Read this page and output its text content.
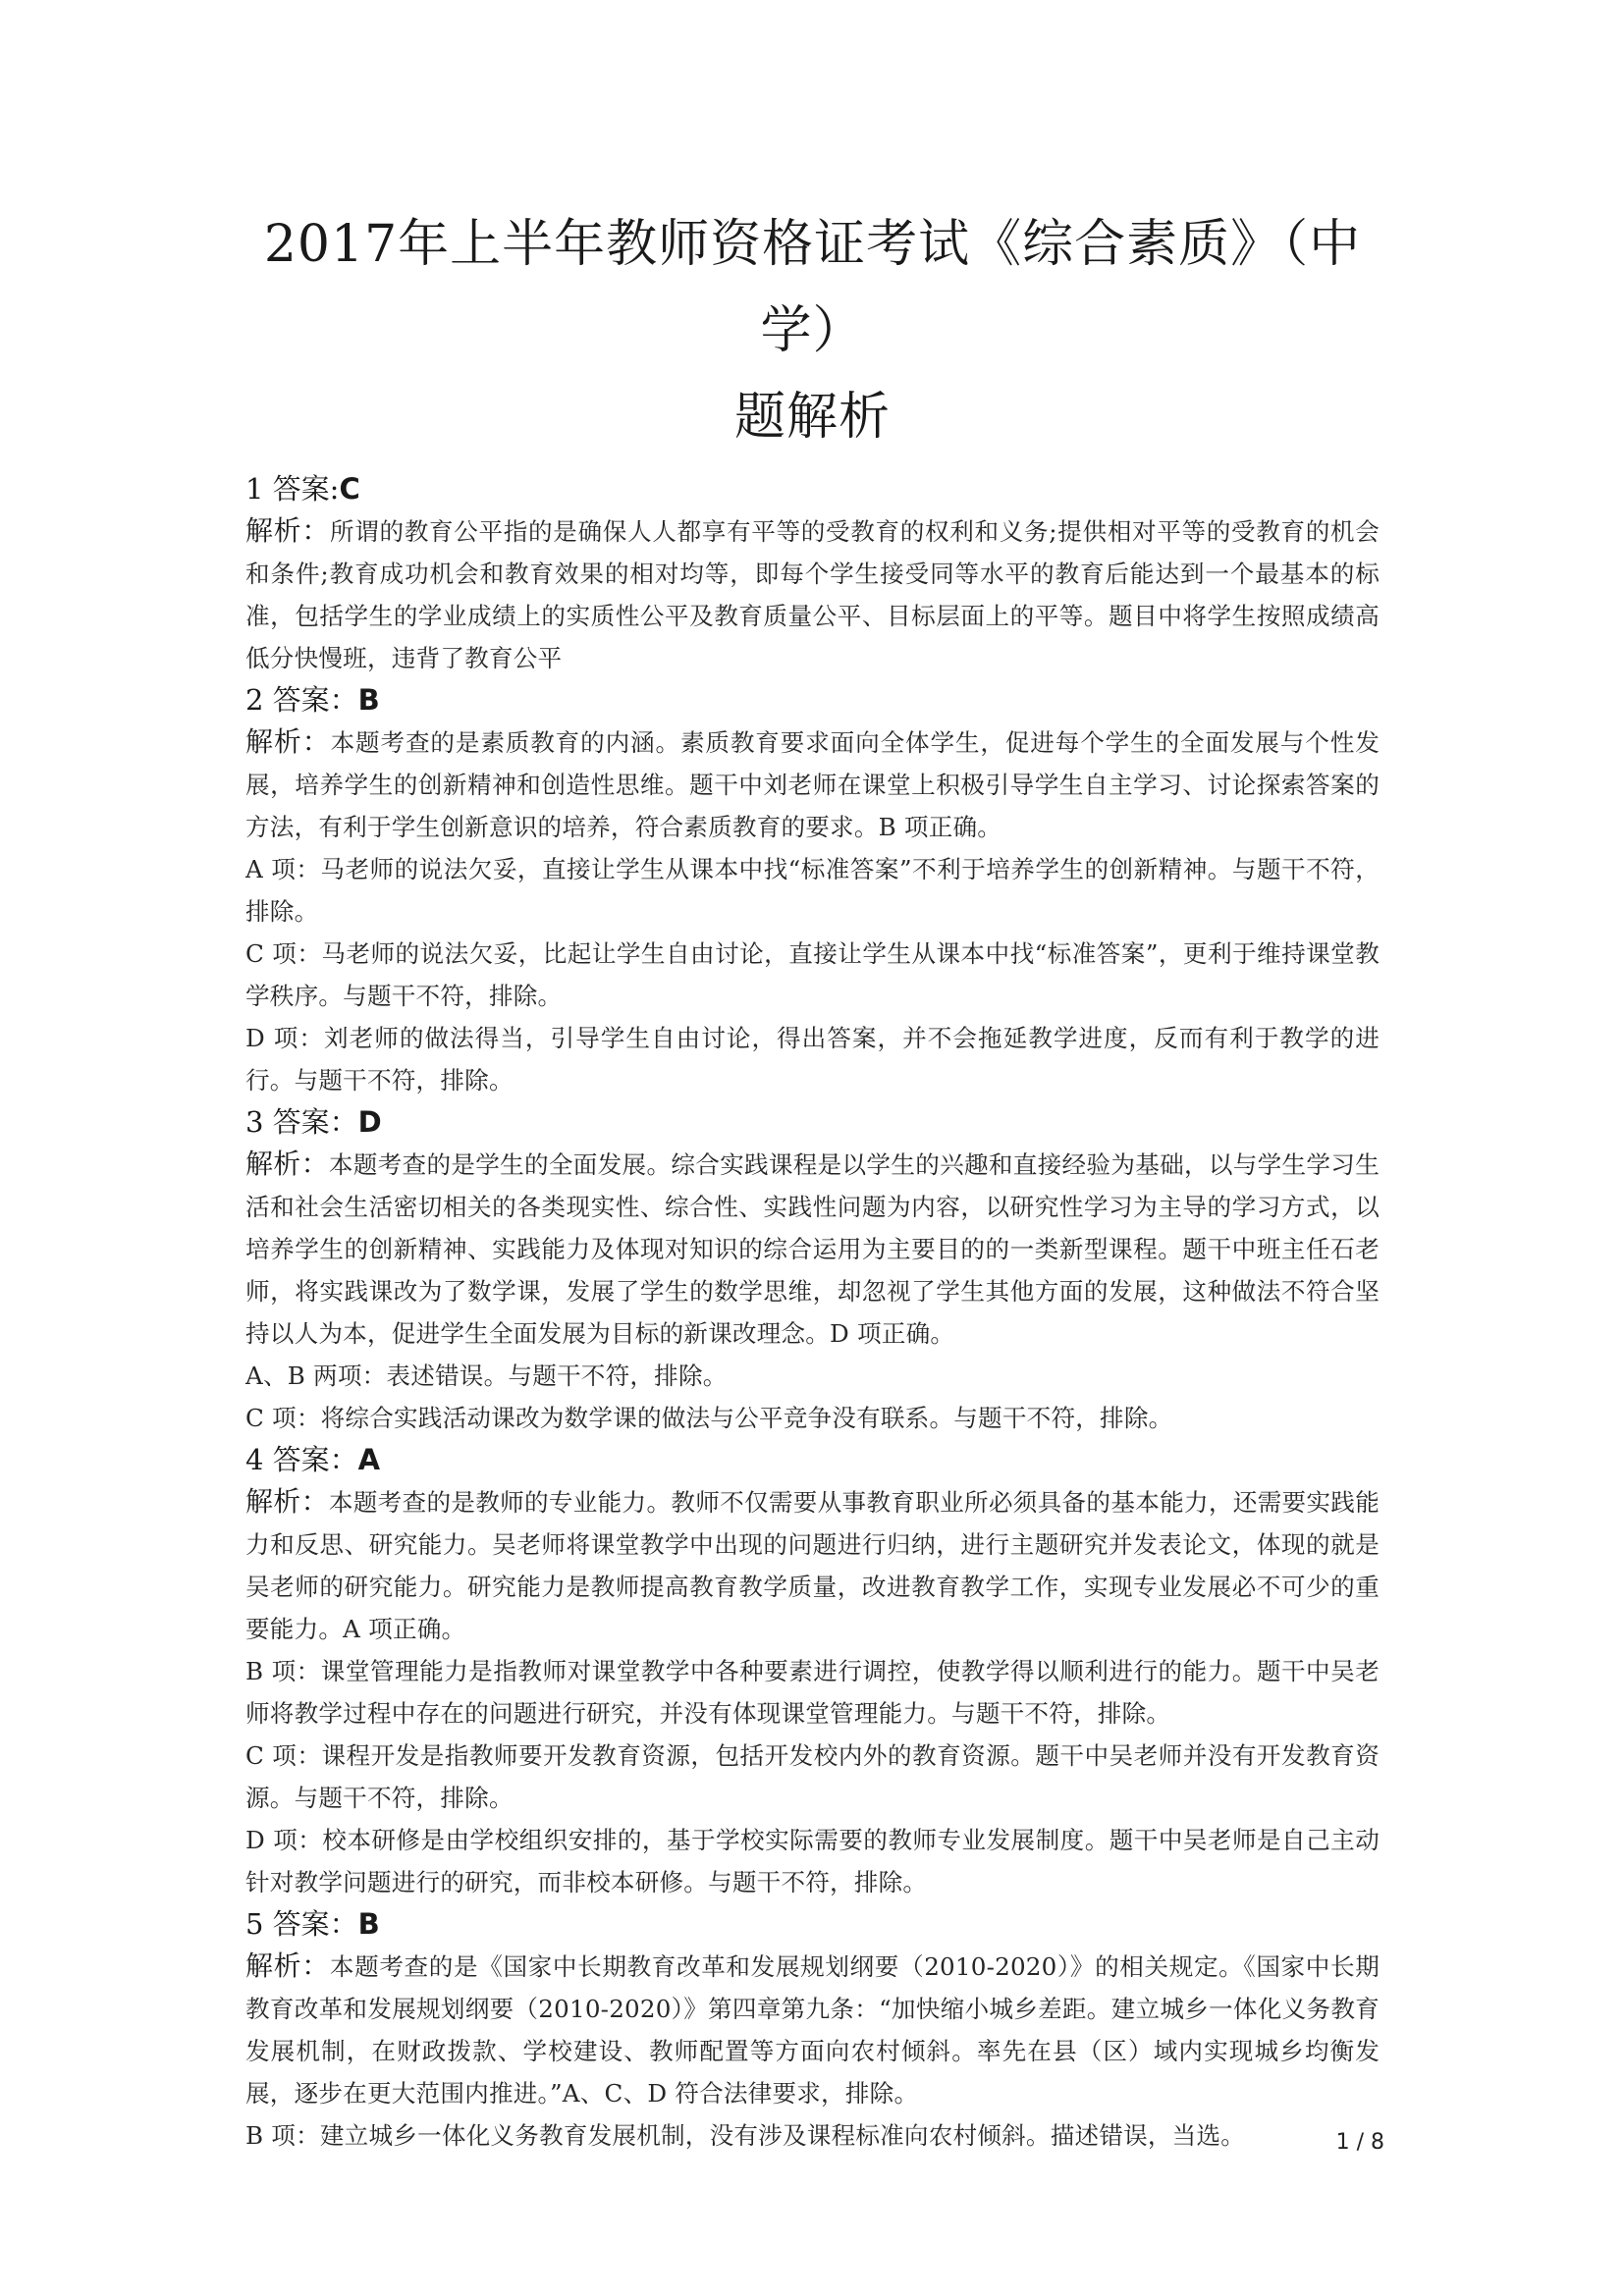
2017年上半年教师资格证考试《综合素质》（中学）
题解析

1 答案:C

解析：所谓的教育公平指的是确保人人都享有平等的受教育的权利和义务;提供相对平等的受教育的机会和条件;教育成功机会和教育效果的相对均等，即每个学生接受同等水平的教育后能达到一个最基本的标准，包括学生的学业成绩上的实质性公平及教育质量公平、目标层面上的平等。题目中将学生按照成绩高低分快慢班，违背了教育公平

2 答案：B

解析：本题考查的是素质教育的内涵。素质教育要求面向全体学生，促进每个学生的全面发展与个性发展，培养学生的创新精神和创造性思维。题干中刘老师在课堂上积极引导学生自主学习、讨论探索答案的方法，有利于学生创新意识的培养，符合素质教育的要求。B 项正确。

A 项：马老师的说法欠妥，直接让学生从课本中找“标准答案”不利于培养学生的创新精神。与题干不符，排除。

C 项：马老师的说法欠妥，比起让学生自由讨论，直接让学生从课本中找“标准答案”，更利于维持课堂教学秩序。与题干不符，排除。

D 项：刘老师的做法得当，引导学生自由讨论，得出答案，并不会拖延教学进度，反而有利于教学的进行。与题干不符，排除。

3 答案：D

解析：本题考查的是学生的全面发展。综合实践课程是以学生的兴趣和直接经验为基础，以与学生学习生活和社会生活密切相关的各类现实性、综合性、实践性问题为内容，以研究性学习为主导的学习方式，以培养学生的创新精神、实践能力及体现对知识的综合运用为主要目的的一类新型课程。题干中班主任石老师，将实践课改为了数学课，发展了学生的数学思维，却忽视了学生其他方面的发展，这种做法不符合坚持以人为本，促进学生全面发展为目标的新课改理念。D 项正确。

A、B 两项：表述错误。与题干不符，排除。

C 项：将综合实践活动课改为数学课的做法与公平竞争没有联系。与题干不符，排除。

4 答案：A

解析：本题考查的是教师的专业能力。教师不仅需要从事教育职业所必须具备的基本能力，还需要实践能力和反思、研究能力。吴老师将课堂教学中出现的问题进行归纳，进行主题研究并发表论文，体现的就是吴老师的研究能力。研究能力是教师提高教育教学质量，改进教育教学工作，实现专业发展必不可少的重要能力。A 项正确。

B 项：课堂管理能力是指教师对课堂教学中各种要素进行调控，使教学得以顺利进行的能力。题干中吴老师将教学过程中存在的问题进行研究，并没有体现课堂管理能力。与题干不符，排除。

C 项：课程开发是指教师要开发教育资源，包括开发校内外的教育资源。题干中吴老师并没有开发教育资源。与题干不符，排除。

D 项：校本研修是由学校组织安排的，基于学校实际需要的教师专业发展制度。题干中吴老师是自己主动针对教学问题进行的研究，而非校本研修。与题干不符，排除。

5 答案：B

解析：本题考查的是《国家中长期教育改革和发展规划纲要（2010-2020）》的相关规定。《国家中长期教育改革和发展规划纲要（2010-2020）》第四章第九条：“加快缩小城乡差距。建立城乡一体化义务教育发展机制，在财政拨款、学校建设、教师配置等方面向农村倾斜。率先在县（区）域内实现城乡均衡发展，逐步在更大范围内推进。”A、C、D 符合法律要求，排除。

B 项：建立城乡一体化义务教育发展机制，没有涉及课程标准向农村倾斜。描述错误，当选。	1 / 8
